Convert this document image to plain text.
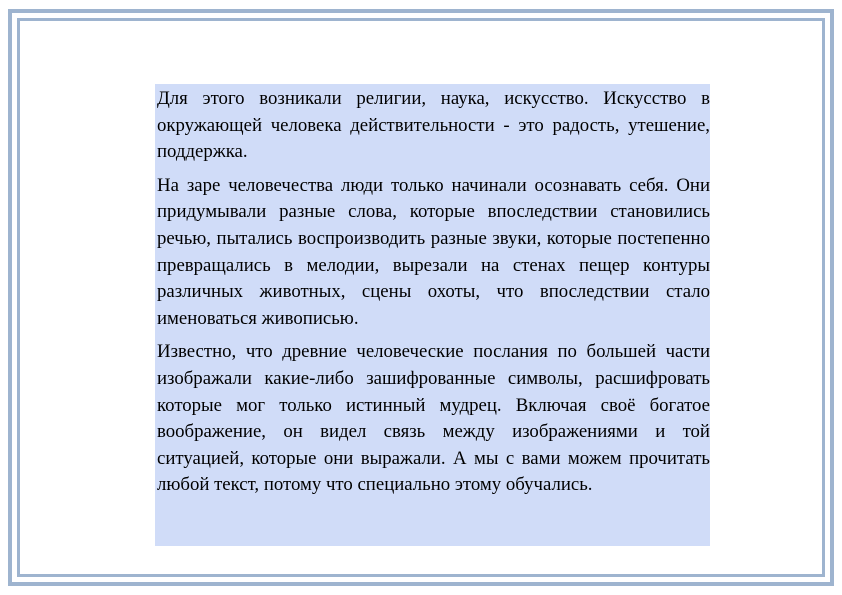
Для этого возникали религии, наука, искусство. Искусство в окружающей человека действительности - это радость, утешение, поддержка.

На заре человечества люди только начинали осознавать себя. Они придумывали разные слова, которые впоследствии становились речью, пытались воспроизводить разные звуки, которые постепенно превращались в мелодии, вырезали на стенах пещер контуры различных животных, сцены охоты, что впоследствии стало именоваться живописью.

Известно, что древние человеческие послания по большей части изображали какие-либо зашифрованные символы, расшифровать которые мог только истинный мудрец. Включая своё богатое воображение, он видел связь между изображениями и той ситуацией, которые они выражали. А мы с вами можем прочитать любой текст, потому что специально этому обучались.
